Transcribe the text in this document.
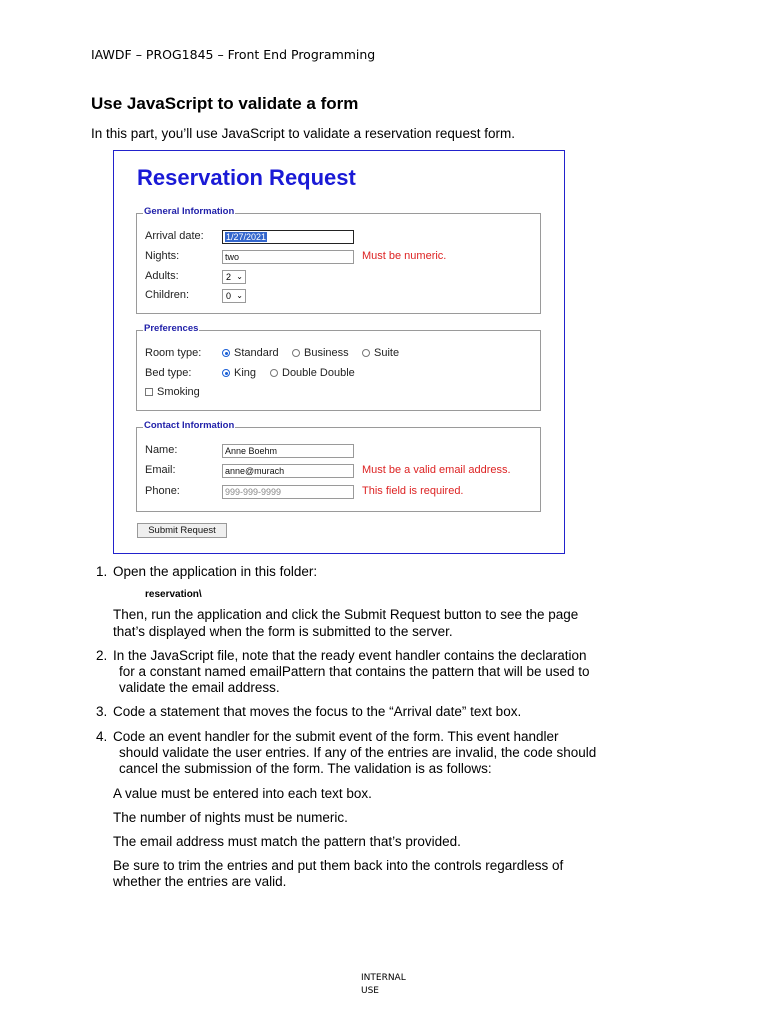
IAWDF – PROG1845 – Front End Programming
Use JavaScript to validate a form
In this part, you’ll use JavaScript to validate a reservation request form.
Reservation Request
General Information
Arrival date:	1/27/2021
Nights:	two	Must be numeric.
Adults:	2 ⌄
Children:	0 ⌄
Preferences
Room type:	Standard	Business	Suite
Bed type:	King	Double Double
Smoking
Contact Information
Name:	Anne Boehm
Email:	anne@murach	Must be a valid email address.
Phone:	999-999-9999	This field is required.
Submit Request
1. Open the application in this folder:
reservation\
Then, run the application and click the Submit Request button to see the page
that’s displayed when the form is submitted to the server.
2. In the JavaScript file, note that the ready event handler contains the declaration
for a constant named emailPattern that contains the pattern that will be used to
validate the email address.
3. Code a statement that moves the focus to the “Arrival date” text box.
4. Code an event handler for the submit event of the form. This event handler
should validate the user entries. If any of the entries are invalid, the code should
cancel the submission of the form. The validation is as follows:
A value must be entered into each text box.
The number of nights must be numeric.
The email address must match the pattern that’s provided.
Be sure to trim the entries and put them back into the controls regardless of
whether the entries are valid.
INTERNAL
USE
